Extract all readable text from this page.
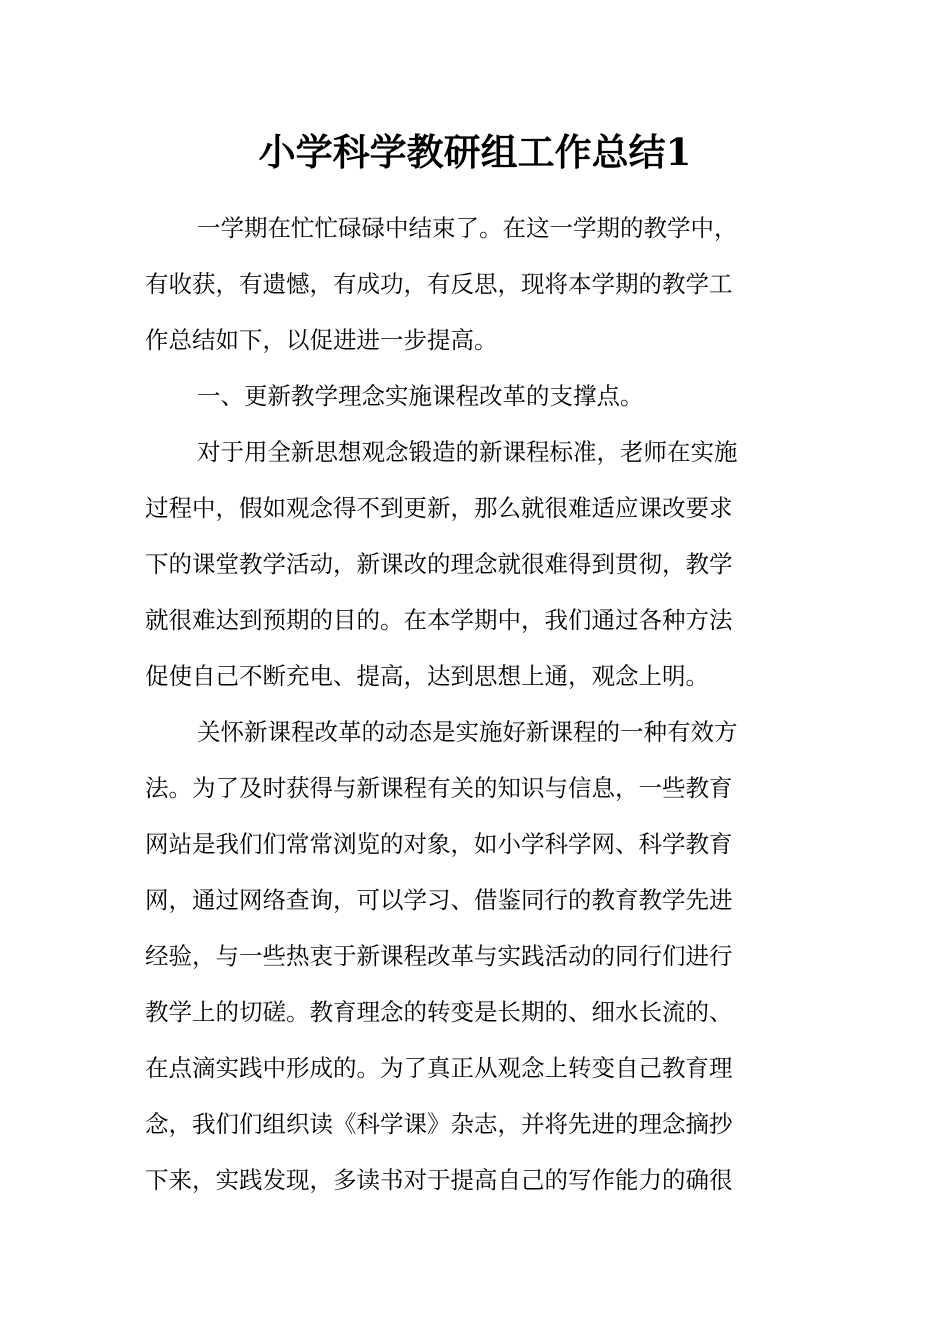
小学科学教研组工作总结1
一学期在忙忙碌碌中结束了。在这一学期的教学中，
有收获，有遗憾，有成功，有反思，现将本学期的教学工
作总结如下，以促进进一步提高。
一、更新教学理念实施课程改革的支撑点。
对于用全新思想观念锻造的新课程标准，老师在实施
过程中，假如观念得不到更新，那么就很难适应课改要求
下的课堂教学活动，新课改的理念就很难得到贯彻，教学
就很难达到预期的目的。在本学期中，我们通过各种方法
促使自己不断充电、提高，达到思想上通，观念上明。
关怀新课程改革的动态是实施好新课程的一种有效方
法。为了及时获得与新课程有关的知识与信息，一些教育
网站是我们们常常浏览的对象，如小学科学网、科学教育
网，通过网络查询，可以学习、借鉴同行的教育教学先进
经验，与一些热衷于新课程改革与实践活动的同行们进行
教学上的切磋。教育理念的转变是长期的、细水长流的、
在点滴实践中形成的。为了真正从观念上转变自己教育理
念，我们们组织读《科学课》杂志，并将先进的理念摘抄
下来，实践发现，多读书对于提高自己的写作能力的确很
